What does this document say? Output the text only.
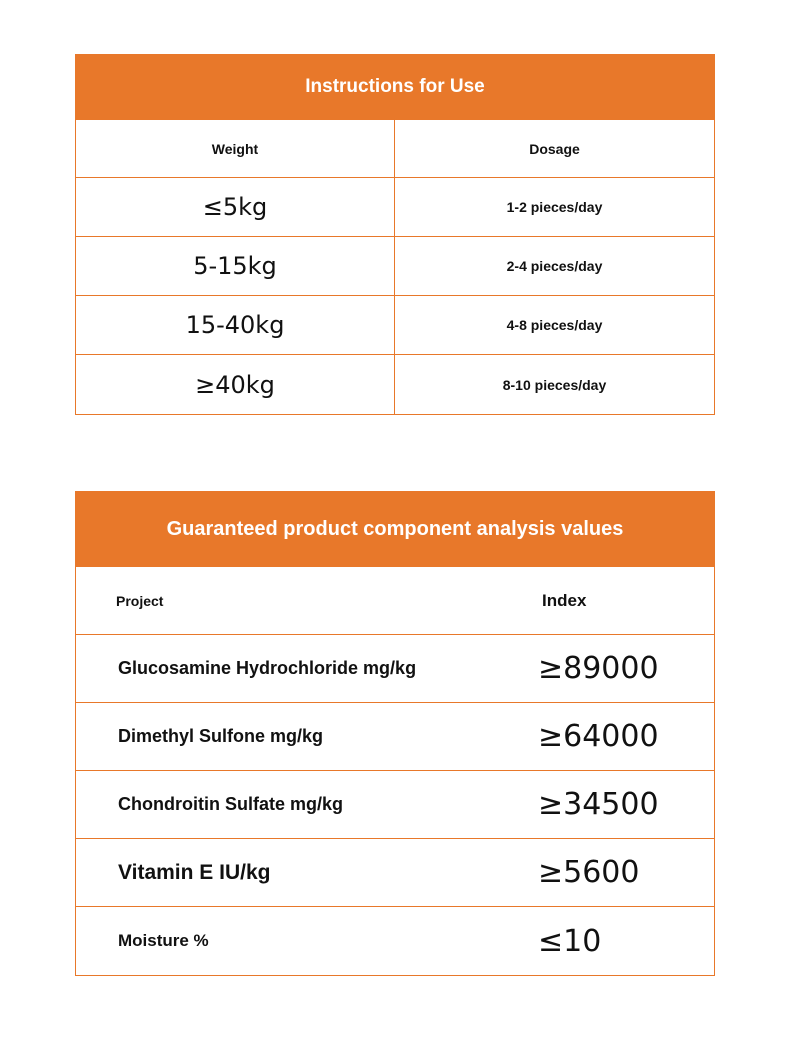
Instructions for Use
Weight	Dosage
≤5kg	1-2 pieces/day
5-15kg	2-4 pieces/day
15-40kg	4-8 pieces/day
≥40kg	8-10 pieces/day
Guaranteed product component analysis values
Project	Index
Glucosamine Hydrochloride mg/kg	≥89000
Dimethyl Sulfone mg/kg	≥64000
Chondroitin Sulfate mg/kg	≥34500
Vitamin E IU/kg	≥5600
Moisture %	≤10
